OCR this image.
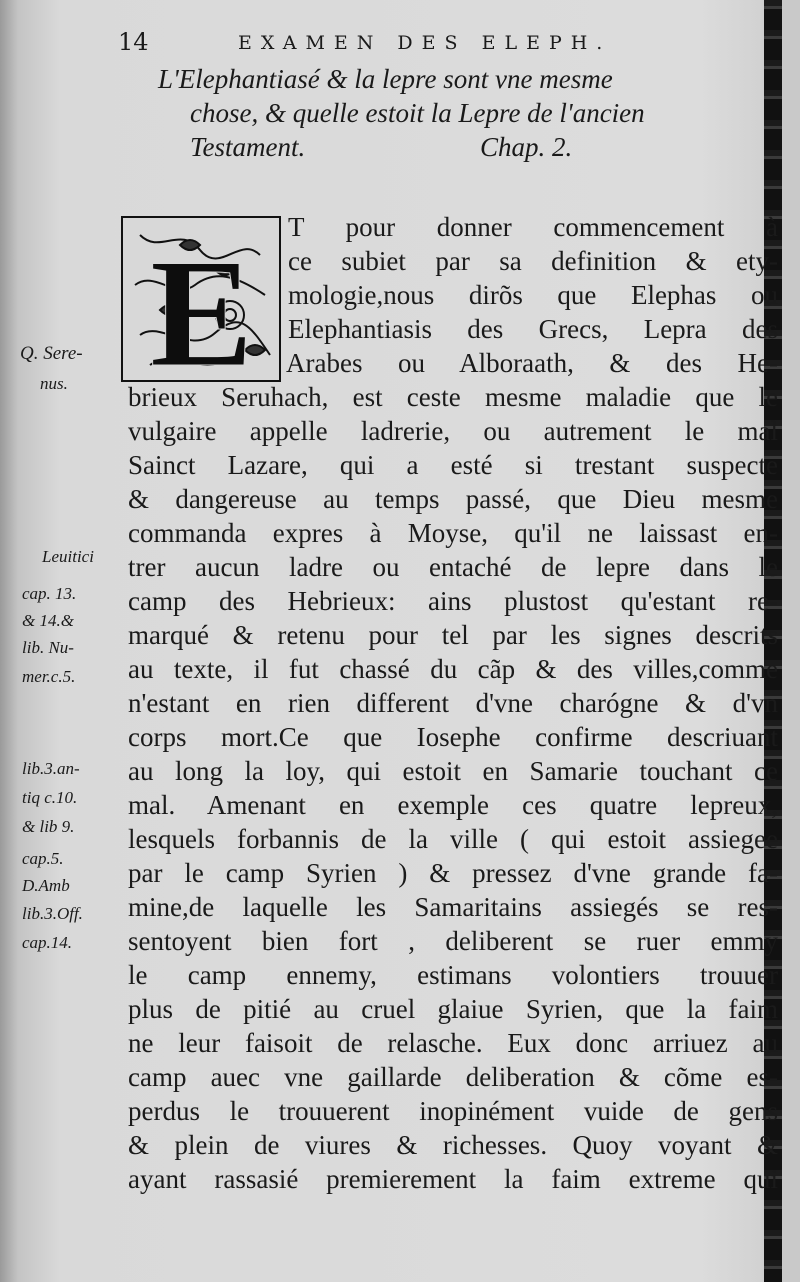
14	EXAMEN DES ELEPH.
L'Elephantiasé & la lepre sont vne mesme
chose, & quelle estoit la Lepre de l'ancien
Testament.	Chap. 2.
E	T pour donner commencement à
ce subiet par sa definition & ety-
mologie,nous dirõs que Elephas ou
Elephantiasis des Grecs, Lepra des
Arabes ou Alboraath, & des He-
brieux Seruhach, est ceste mesme maladie que le
vulgaire appelle ladrerie, ou autrement le mal
Sainct Lazare, qui a esté si trestant suspecte
& dangereuse au temps passé, que Dieu mesme
commanda expres à Moyse, qu'il ne laissast en-
trer aucun ladre ou entaché de lepre dans le
camp des Hebrieux: ains plustost qu'estant re-
marqué & retenu pour tel par les signes descrits
au texte, il fut chassé du cãp & des villes,comme
n'estant en rien different d'vne charógne & d'vn
corps mort.Ce que Iosephe confirme descriuant
au long la loy, qui estoit en Samarie touchant ce
mal. Amenant en exemple ces quatre lepreux,
lesquels forbannis de la ville ( qui estoit assiegee
par le camp Syrien ) & pressez d'vne grande fa-
mine,de laquelle les Samaritains assiegés se res-
sentoyent bien fort , deliberent se ruer emmy
le camp ennemy, estimans volontiers trouuer
plus de pitié au cruel glaiue Syrien, que la faim
ne leur faisoit de relasche. Eux donc arriuez au
camp auec vne gaillarde deliberation & cõme es-
perdus le trouuerent inopinément vuide de gens
& plein de viures & richesses. Quoy voyant &
ayant rassasié premierement la faim extreme qui
Q. Sere-
nus.
Leuitici
cap. 13.
& 14.&
lib. Nu-
mer.c.5.
lib.3.an-
tiq c.10.
& lib 9.
cap.5.
D.Amb
lib.3.Off.
cap.14.
